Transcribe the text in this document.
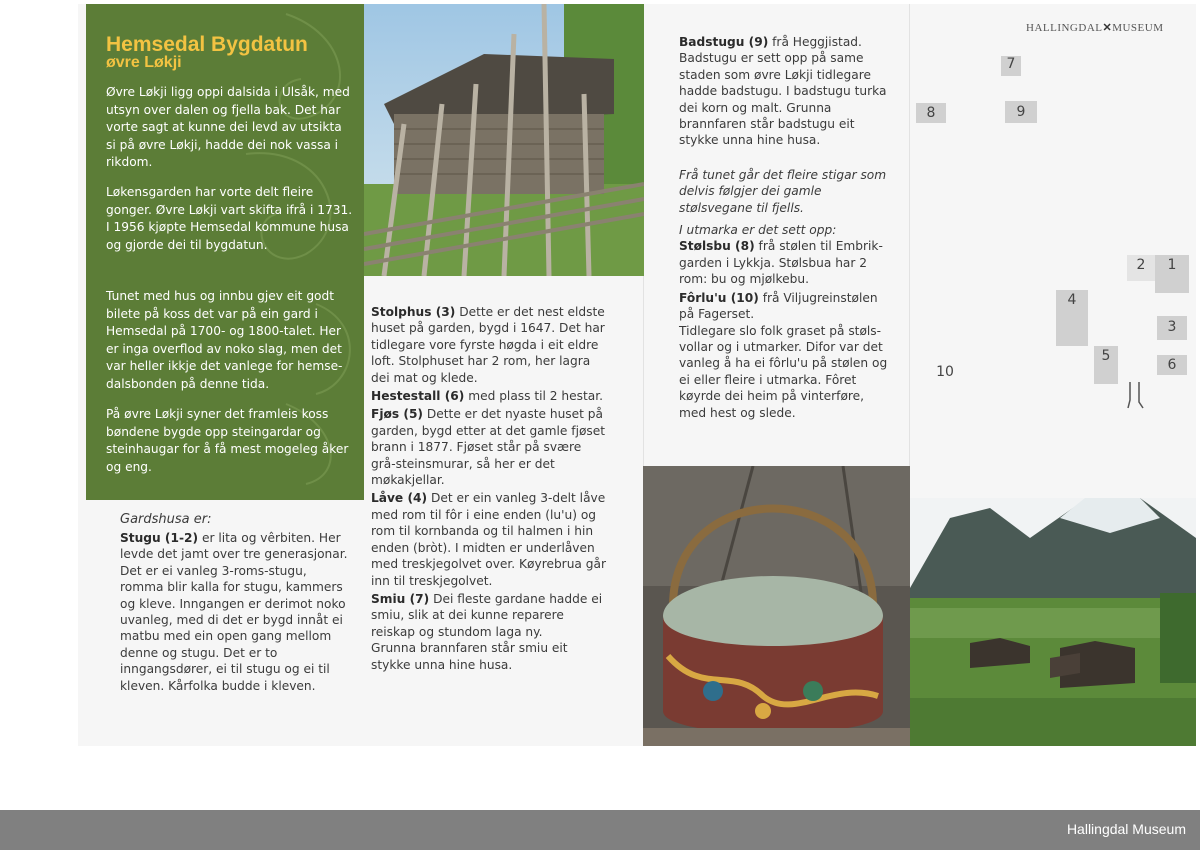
Hemsedal Bygdatun
øvre Løkji

Øvre Løkji ligg oppi dalsida i Ulsåk, med utsyn over dalen og fjella bak. Det har vorte sagt at kunne dei levd av utsikta si på øvre Løkji, hadde dei nok vassa i rikdom.

Løkensgarden har vorte delt fleire gonger. Øvre Løkji vart skifta ifrå i 1731.
I 1956 kjøpte Hemsedal kommune husa og gjorde dei til bygdatun.

Tunet med hus og innbu gjev eit godt bilete på koss det var på ein gard i Hemsedal på 1700- og 1800-talet. Her er inga overflod av noko slag, men det var heller ikkje det vanlege for hemse-dalsbonden på denne tida.

På øvre Løkji syner det framleis koss bøndene bygde opp steingardar og steinhaugar for å få mest mogeleg åker og eng.

Gardshusa er:

Stugu (1-2) er lita og vêrbiten. Her levde det jamt over tre generasjonar. Det er ei vanleg 3-roms-stugu, romma blir kalla for stugu, kammers og kleve. Inngangen er derimot noko uvanleg, med di det er bygd innåt ei matbu med ein open gang mellom denne og stugu. Det er to inngangsdører, ei til stugu og ei til kleven. Kårfolka budde i kleven.

Stolphus (3) Dette er det nest eldste huset på garden, bygd i 1647. Det har tidlegare vore fyrste høgda i eit eldre loft. Stolphuset har 2 rom, her lagra dei mat og klede.

Hestestall (6) med plass til 2 hestar.

Fjøs (5) Dette er det nyaste huset på garden, bygd etter at det gamle fjøset brann i 1877. Fjøset står på svære grå-steinsmurar, så her er det møkakjellar.

Låve (4) Det er ein vanleg 3-delt låve med rom til fôr i eine enden (lu'u) og rom til kornbanda og til halmen i hin enden (bròt). I midten er underlåven med treskjegolvet over. Køyrebrua går inn til treskjegolvet.

Smiu (7) Dei fleste gardane hadde ei smiu, slik at dei kunne reparere reiskap og stundom laga ny.
Grunna brannfaren står smiu eit stykke unna hine husa.

Badstugu (9) frå Heggjistad. Badstugu er sett opp på same staden som øvre Løkji tidlegare hadde badstugu. I badstugu turka dei korn og malt. Grunna brannfaren står badstugu eit stykke unna hine husa.

Frå tunet går det fleire stigar som delvis følgjer dei gamle stølsvegane til fjells.

I utmarka er det sett opp:

Stølsbu (8) frå stølen til Embrik-garden i Lykkja. Stølsbua har 2 rom: bu og mjølkebu.

Fôrlu'u (10) frå Viljugreinstølen på Fagerset.
Tidlegare slo folk graset på støls-vollar og i utmarker. Difor var det vanleg å ha ei fôrlu'u på stølen og ei eller fleire i utmarka. Fôret køyrde dei heim på vinterføre, med hest og slede.

HALLINGDAL✕MUSEUM
7
8	9
2	1
4
3
5
6
10
Hallingdal Museum
